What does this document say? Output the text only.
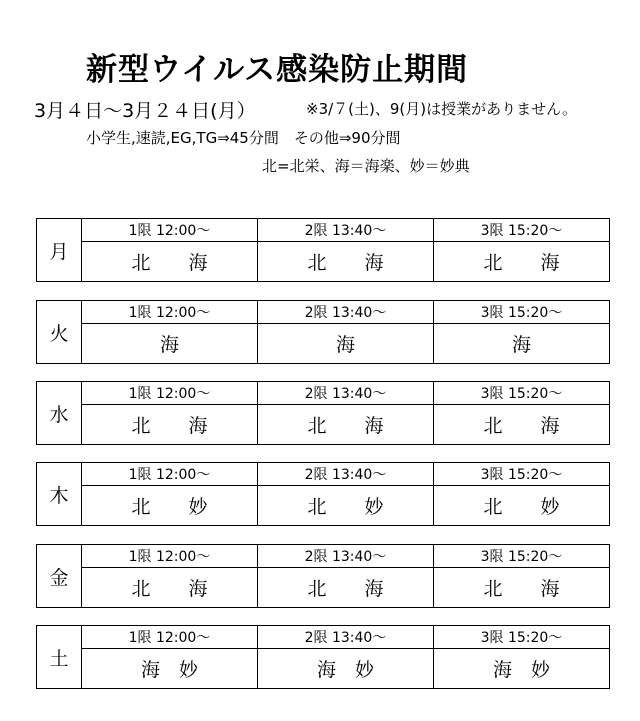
新型ウイルス感染防止期間
3月４日～3月２４日(月）	※3/７(土)、9(月)は授業がありません。
小学生,速読,EG,TG⇒45分間　その他⇒90分間
北=北栄、海＝海楽、妙＝妙典
月
1限 12:00～
北　　海
2限 13:40～
北　　海
3限 15:20～
北　　海
火
1限 12:00～
海
2限 13:40～
海
3限 15:20～
海
水
1限 12:00～
北　　海
2限 13:40～
北　　海
3限 15:20～
北　　海
木
1限 12:00～
北　　妙
2限 13:40～
北　　妙
3限 15:20～
北　　妙
金
1限 12:00～
北　　海
2限 13:40～
北　　海
3限 15:20～
北　　海
土
1限 12:00～
海　妙
2限 13:40～
海　妙
3限 15:20～
海　妙
